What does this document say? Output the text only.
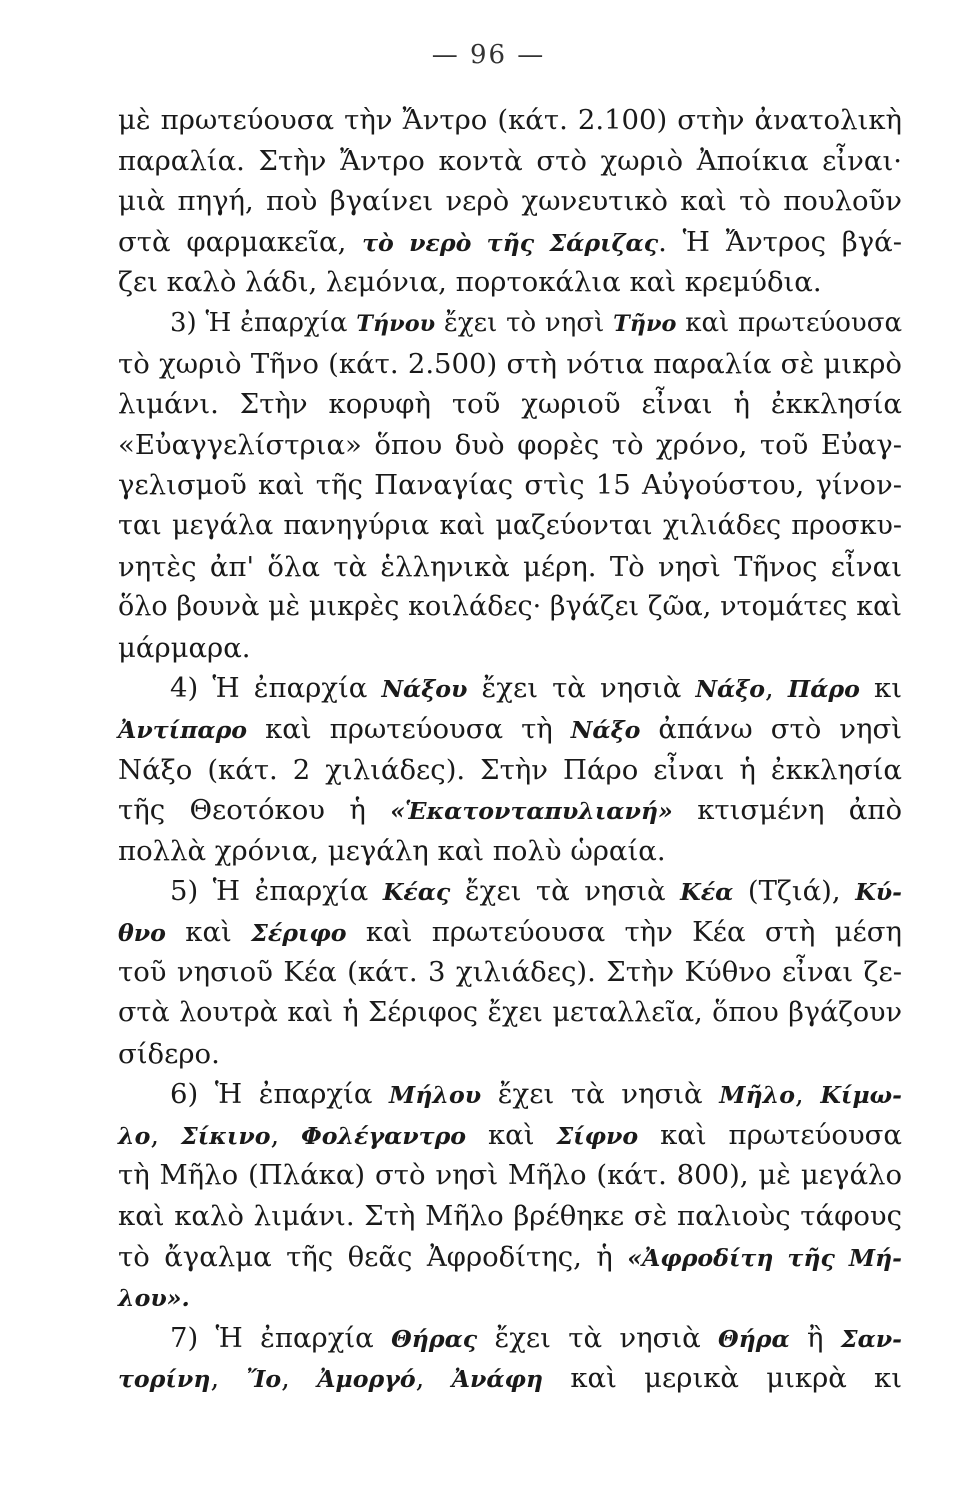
— 96 —
μὲ πρωτεύουσα τὴν Ἄντρο (κάτ. 2.100) στὴν ἀνατολικὴ
παραλία. Στὴν Ἄντρο κοντὰ στὸ χωριὸ Ἀποίκια εἶναι·
μιὰ πηγή, ποὺ βγαίνει νερὸ χωνευτικὸ καὶ τὸ πουλοῦν
στὰ φαρμακεῖα, τὸ νερὸ τῆς Σάριζας. Ἡ Ἄντρος βγά-
ζει καλὸ λάδι, λεμόνια, πορτοκάλια καὶ κρεμύδια.
3) Ἡ ἐπαρχία Τήνου ἔχει τὸ νησὶ Τῆνο καὶ πρωτεύουσα
τὸ χωριὸ Τῆνο (κάτ. 2.500) στὴ νότια παραλία σὲ μικρὸ
λιμάνι. Στὴν κορυφὴ τοῦ χωριοῦ εἶναι ἡ ἐκκλησία
«Εὐαγγελίστρια» ὅπου δυὸ φορὲς τὸ χρόνο, τοῦ Εὐαγ-
γελισμοῦ καὶ τῆς Παναγίας στὶς 15 Αὐγούστου, γίνον-
ται μεγάλα πανηγύρια καὶ μαζεύονται χιλιάδες προσκυ-
νητὲς ἀπ' ὅλα τὰ ἑλληνικὰ μέρη. Τὸ νησὶ Τῆνος εἶναι
ὅλο βουνὰ μὲ μικρὲς κοιλάδες· βγάζει ζῶα, ντομάτες καὶ
μάρμαρα.
4) Ἡ ἐπαρχία Νάξου ἔχει τὰ νησιὰ Νάξο, Πάρο κι
Ἀντίπαρο καὶ πρωτεύουσα τὴ Νάξο ἀπάνω στὸ νησὶ
Νάξο (κάτ. 2 χιλιάδες). Στὴν Πάρο εἶναι ἡ ἐκκλησία
τῆς Θεοτόκου ἡ «Ἑκατονταπυλιανή» κτισμένη ἀπὸ
πολλὰ χρόνια, μεγάλη καὶ πολὺ ὡραία.
5) Ἡ ἐπαρχία Κέας ἔχει τὰ νησιὰ Κέα (Τζιά), Κύ-
θνο καὶ Σέριφο καὶ πρωτεύουσα τὴν Κέα στὴ μέση
τοῦ νησιοῦ Κέα (κάτ. 3 χιλιάδες). Στὴν Κύθνο εἶναι ζε-
στὰ λουτρὰ καὶ ἡ Σέριφος ἔχει μεταλλεῖα, ὅπου βγάζουν
σίδερο.
6) Ἡ ἐπαρχία Μήλου ἔχει τὰ νησιὰ Μῆλο, Κίμω-
λο, Σίκινο, Φολέγαντρο καὶ Σίφνο καὶ πρωτεύουσα
τὴ Μῆλο (Πλάκα) στὸ νησὶ Μῆλο (κάτ. 800), μὲ μεγάλο
καὶ καλὸ λιμάνι. Στὴ Μῆλο βρέθηκε σὲ παλιοὺς τάφους
τὸ ἄγαλμα τῆς θεᾶς Ἀφροδίτης, ἡ «Ἀφροδίτη τῆς Μή-
λου».
7) Ἡ ἐπαρχία Θήρας ἔχει τὰ νησιὰ Θήρα ἢ Σαν-
τορίνη, Ἴο, Ἀμοργό, Ἀνάφη καὶ μερικὰ μικρὰ κι
